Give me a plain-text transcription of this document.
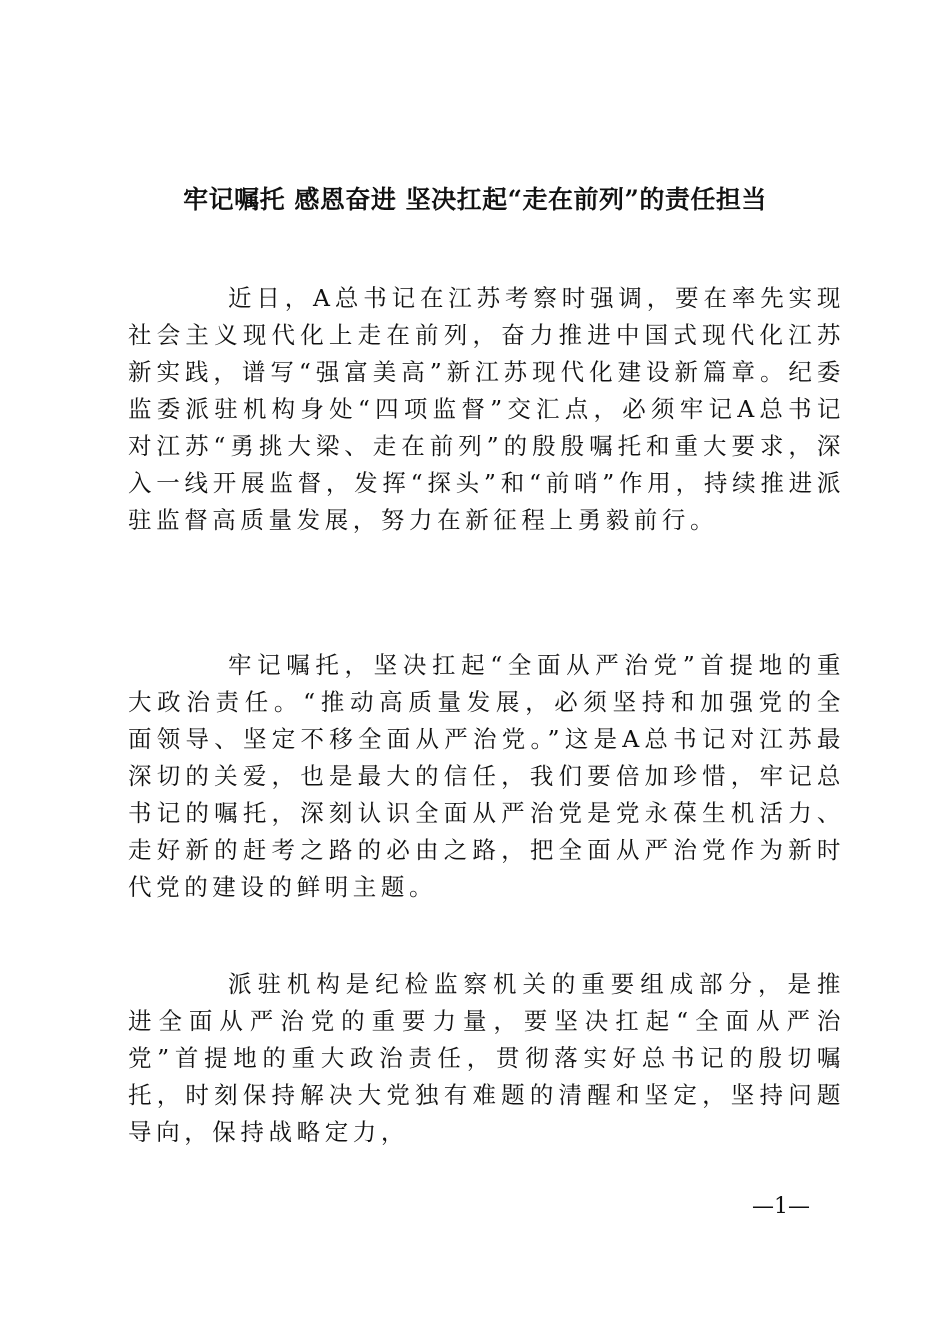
牢记嘱托 感恩奋进 坚决扛起“走在前列”的责任担当

近日，A总书记在江苏考察时强调，要在率先实现社会主义现代化上走在前列，奋力推进中国式现代化江苏新实践，谱写“强富美高”新江苏现代化建设新篇章。纪委监委派驻机构身处“四项监督”交汇点，必须牢记A总书记对江苏“勇挑大梁、走在前列”的殷殷嘱托和重大要求，深入一线开展监督，发挥“探头”和“前哨”作用，持续推进派驻监督高质量发展，努力在新征程上勇毅前行。

牢记嘱托，坚决扛起“全面从严治党”首提地的重大政治责任。“推动高质量发展，必须坚持和加强党的全面领导、坚定不移全面从严治党。”这是A总书记对江苏最深切的关爱，也是最大的信任，我们要倍加珍惜，牢记总书记的嘱托，深刻认识全面从严治党是党永葆生机活力、走好新的赶考之路的必由之路，把全面从严治党作为新时代党的建设的鲜明主题。

派驻机构是纪检监察机关的重要组成部分，是推进全面从严治党的重要力量，要坚决扛起“全面从严治党”首提地的重大政治责任，贯彻落实好总书记的殷切嘱托，时刻保持解决大党独有难题的清醒和坚定，坚持问题导向，保持战略定力，

—1—
